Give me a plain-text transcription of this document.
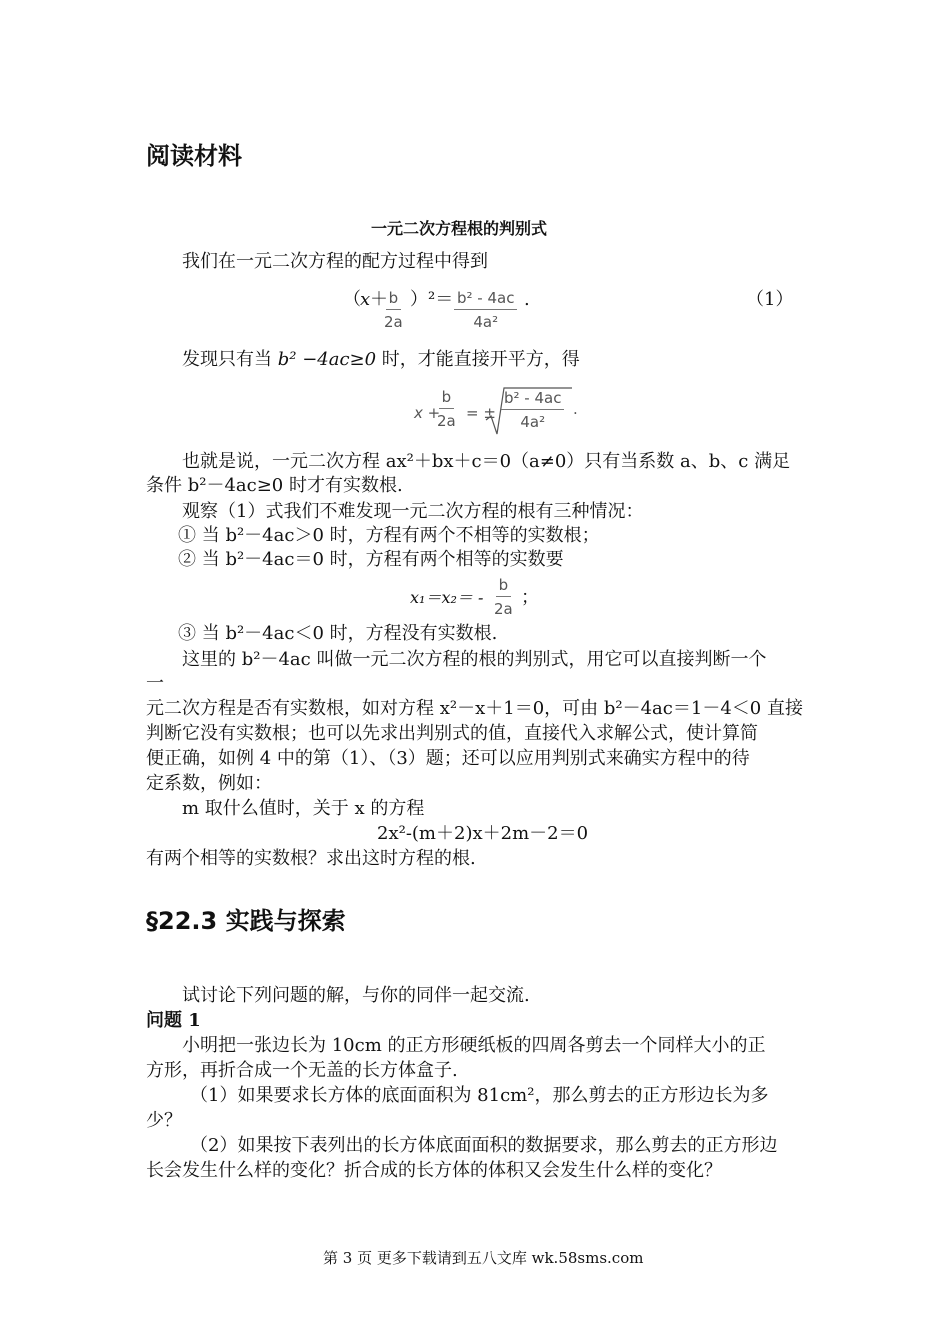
阅读材料
一元二次方程根的判别式
我们在一元二次方程的配方过程中得到
（ x ＋
$\frac{b}{2a} )^2= \frac{\text{b² - 4ac}}{\text{4a²}}$ .	（1）
发现只有当 b² −4ac≥0 时，才能直接开平方，得
x +
$\frac{b}{2a}$ = ± $\frac{\text{b² - 4ac}}{\text{4a²}}$ .
也就是说，一元二次方程 ax²＋bx＋c＝0（a≠0）只有当系数 a、b、c 满足
条件 b²－4ac≥0 时才有实数根.
观察（1）式我们不难发现一元二次方程的根有三种情况：
① 当 b²－4ac＞0 时，方程有两个不相等的实数根；
② 当 b²－4ac＝0 时，方程有两个相等的实数要
$x_1=x_2= - \frac{b}{2a}$ ；
③ 当 b²－4ac＜0 时，方程没有实数根.
这里的 b²－4ac 叫做一元二次方程的根的判别式，用它可以直接判断一个
一
元二次方程是否有实数根，如对方程 x²－x＋1＝0，可由 b²－4ac＝1－4＜0 直接
判断它没有实数根；也可以先求出判别式的值，直接代入求解公式，使计算简
便正确，如例 4 中的第（1）、（3）题；还可以应用判别式来确实方程中的待
定系数，例如：
m 取什么值时，关于 x 的方程
2x²-(m＋2)x＋2m－2＝0
有两个相等的实数根？求出这时方程的根.
§22.3 实践与探索
试讨论下列问题的解，与你的同伴一起交流.
问题 1
小明把一张边长为 10cm 的正方形硬纸板的四周各剪去一个同样大小的正
方形，再折合成一个无盖的长方体盒子.
（1）如果要求长方体的底面面积为 81cm²，那么剪去的正方形边长为多
少？
（2）如果按下表列出的长方体底面面积的数据要求，那么剪去的正方形边
长会发生什么样的变化？折合成的长方体的体积又会发生什么样的变化？
第 3 页 更多下载请到五八文库 wk.58sms.com
